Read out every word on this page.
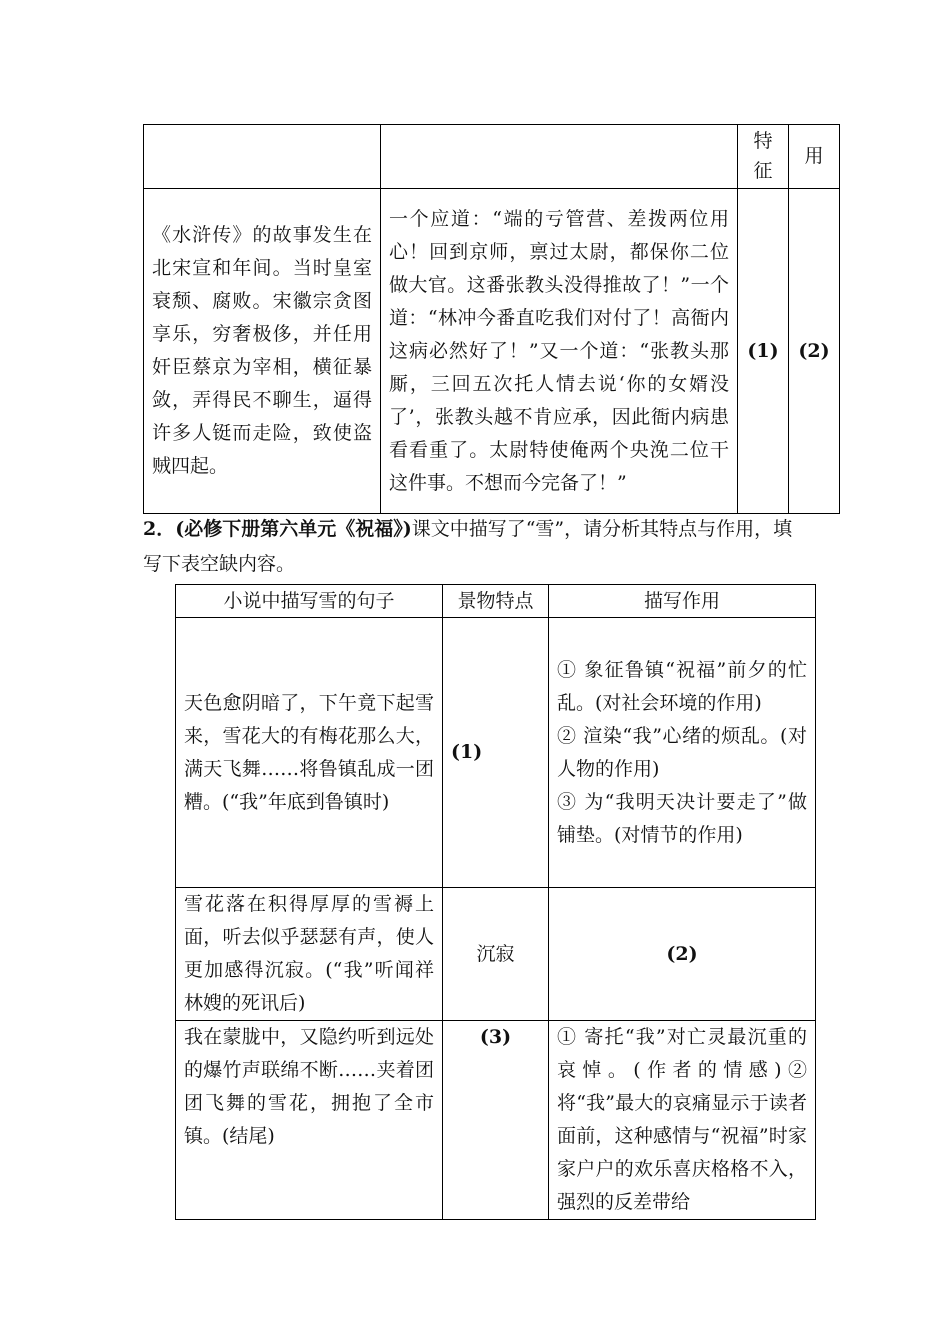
		特征	用
《水浒传》的故事发生在北宋宣和年间。当时皇室衰颓、腐败。宋徽宗贪图享乐，穷奢极侈，并任用奸臣蔡京为宰相，横征暴敛，弄得民不聊生，逼得许多人铤而走险，致使盗贼四起。	一个应道：“端的亏管营、差拨两位用心！回到京师，禀过太尉，都保你二位做大官。这番张教头没得推故了！”一个道：“林冲今番直吃我们对付了！高衙内这病必然好了！”又一个道：“张教头那厮，三回五次托人情去说‘你的女婿没了’，张教头越不肯应承，因此衙内病患看看重了。太尉特使俺两个央浼二位干这件事。不想而今完备了！”	(1)	(2)
2．(必修下册第六单元《祝福》)课文中描写了“雪”，请分析其特点与作用，填写下表空缺内容。
小说中描写雪的句子	景物特点	描写作用
天色愈阴暗了，下午竟下起雪来，雪花大的有梅花那么大，满天飞舞……将鲁镇乱成一团糟。(“我”年底到鲁镇时)	(1)	① 象征鲁镇“祝福”前夕的忙乱。(对社会环境的作用)
② 渲染“我”心绪的烦乱。(对人物的作用)
③ 为“我明天决计要走了”做铺垫。(对情节的作用)

雪花落在积得厚厚的雪褥上面，听去似乎瑟瑟有声，使人更加感得沉寂。(“我”听闻祥林嫂的死讯后)	沉寂	(2)
我在蒙胧中，又隐约听到远处的爆竹声联绵不断……夹着团团飞舞的雪花，拥抱了全市镇。(结尾)	(3)	① 寄托“我”对亡灵最沉重的哀悼。(作者的情感)② 将“我”最大的哀痛显示于读者面前，这种感情与“祝福”时家家户户的欢乐喜庆格格不入，强烈的反差带给
